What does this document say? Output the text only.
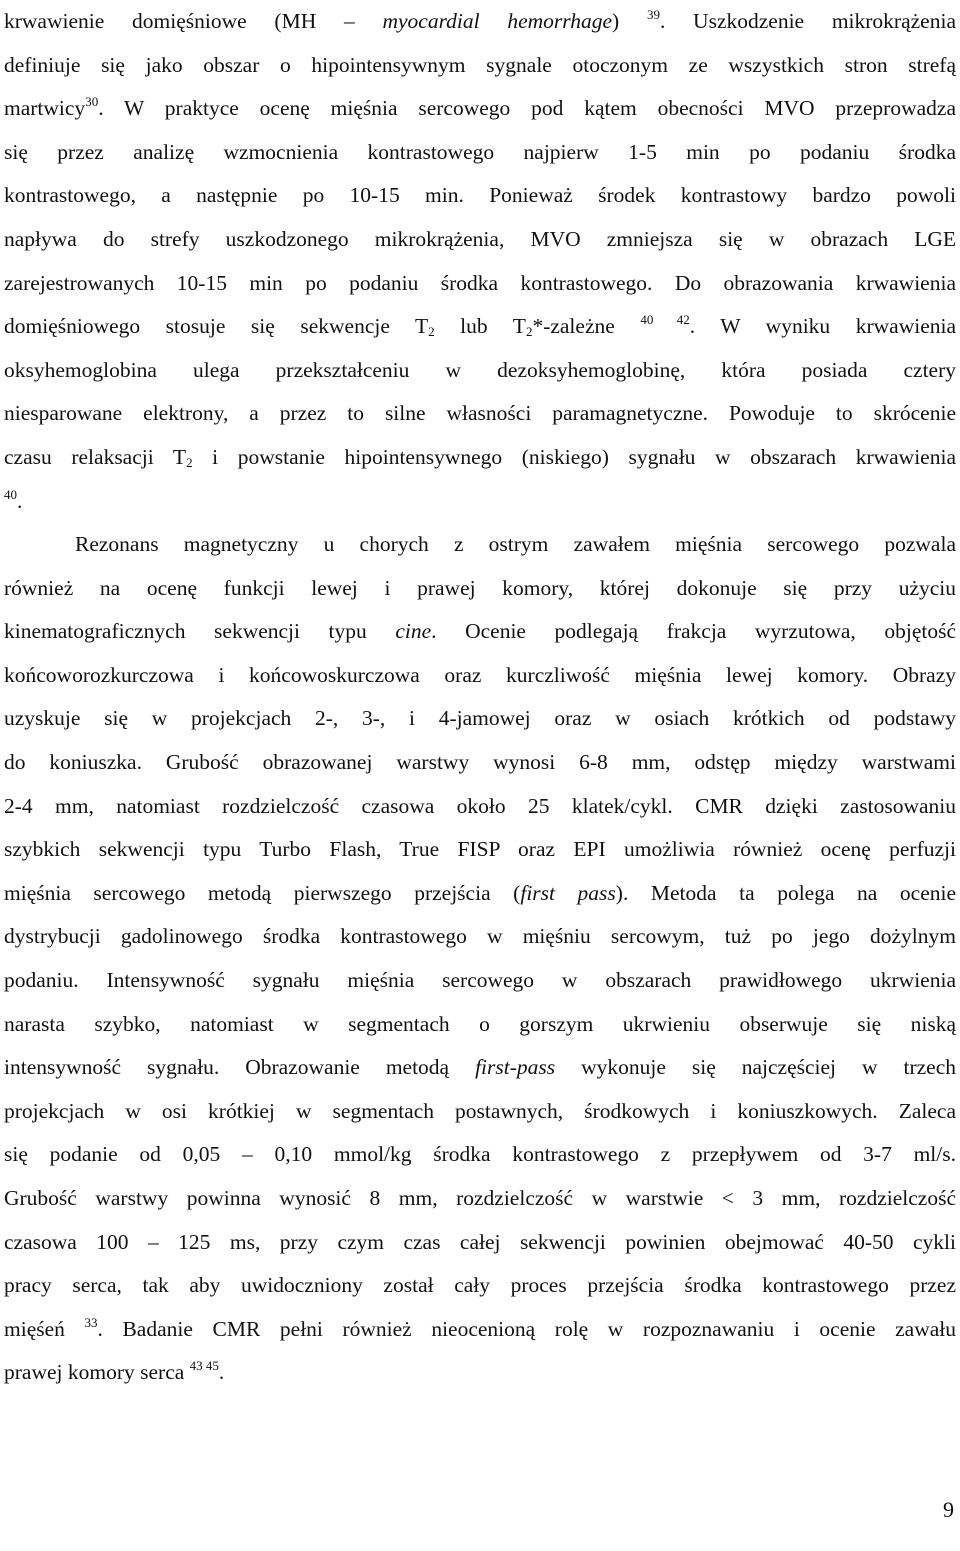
krwawienie domięśniowe (MH – myocardial hemorrhage) $^{39}$. Uszkodzenie mikrokrążenia
definiuje się jako obszar o hipointensywnym sygnale otoczonym ze wszystkich stron strefą
martwicy$^{30}$. W praktyce ocenę mięśnia sercowego pod kątem obecności MVO przeprowadza
się przez analizę wzmocnienia kontrastowego najpierw 1-5 min po podaniu środka
kontrastowego, a następnie po 10-15 min. Ponieważ środek kontrastowy bardzo powoli
napływa do strefy uszkodzonego mikrokrążenia, MVO zmniejsza się w obrazach LGE
zarejestrowanych 10-15 min po podaniu środka kontrastowego. Do obrazowania krwawienia
domięśniowego stosuje się sekwencje $T_2$ lub $T_2*$-zależne $^{40 42}$. W wyniku krwawienia
oksyhemoglobina ulega przekształceniu w dezoksyhemoglobinę, która posiada cztery
niesparowane elektrony, a przez to silne własności paramagnetyczne. Powoduje to skrócenie
czasu relaksacji $T_2$ i powstanie hipointensywnego (niskiego) sygnału w obszarach krwawienia
$^{40}$.
Rezonans magnetyczny u chorych z ostrym zawałem mięśnia sercowego pozwala
również na ocenę funkcji lewej i prawej komory, której dokonuje się przy użyciu
kinematograficznych sekwencji typu cine. Ocenie podlegają frakcja wyrzutowa, objętość
końcoworozkurczowa i końcowoskurczowa oraz kurczliwość mięśnia lewej komory. Obrazy
uzyskuje się w projekcjach 2-, 3-, i 4-jamowej oraz w osiach krótkich od podstawy
do koniuszka. Grubość obrazowanej warstwy wynosi 6-8 mm, odstęp między warstwami
2-4 mm, natomiast rozdzielczość czasowa około 25 klatek/cykl. CMR dzięki zastosowaniu
szybkich sekwencji typu Turbo Flash, True FISP oraz EPI umożliwia również ocenę perfuzji
mięśnia sercowego metodą pierwszego przejścia (first pass). Metoda ta polega na ocenie
dystrybucji gadolinowego środka kontrastowego w mięśniu sercowym, tuż po jego dożylnym
podaniu. Intensywność sygnału mięśnia sercowego w obszarach prawidłowego ukrwienia
narasta szybko, natomiast w segmentach o gorszym ukrwieniu obserwuje się niską
intensywność sygnału. Obrazowanie metodą first-pass wykonuje się najczęściej w trzech
projekcjach w osi krótkiej w segmentach postawnych, środkowych i koniuszkowych. Zaleca
się podanie od 0,05 – 0,10 mmol/kg środka kontrastowego z przepływem od 3-7 ml/s.
Grubość warstwy powinna wynosić 8 mm, rozdzielczość w warstwie < 3 mm, rozdzielczość
czasowa 100 – 125 ms, przy czym czas całej sekwencji powinien obejmować 40-50 cykli
pracy serca, tak aby uwidoczniony został cały proces przejścia środka kontrastowego przez
mięśeń $^{33}$. Badanie CMR pełni również nieocenioną rolę w rozpoznawaniu i ocenie zawału
prawej komory serca $^{43 45}$.
9
